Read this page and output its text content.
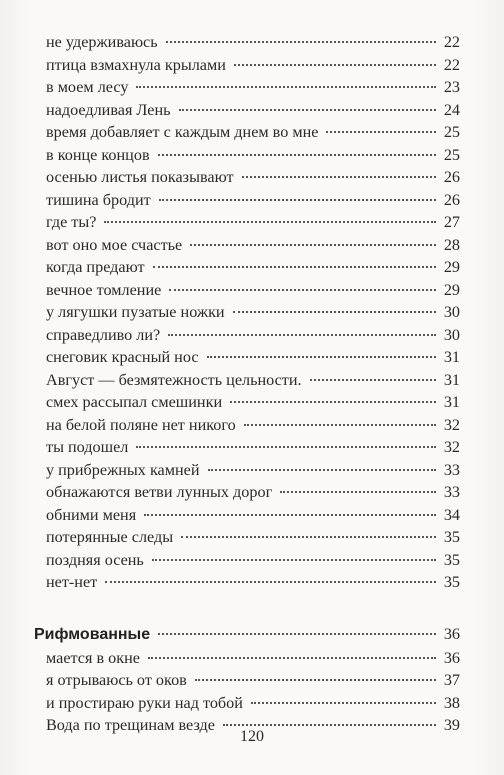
не удерживаюсь	22
птица взмахнула крылами	22
в моем лесу	23
надоедливая Лень	24
время добавляет с каждым днем во мне	25
в конце концов	25
осенью листья показывают	26
тишина бродит	26
где ты?	27
вот оно мое счастье	28
когда предают	29
вечное томление	29
у лягушки пузатые ножки	30
справедливо ли?	30
снеговик красный нос	31
Август — безмятежность цельности.	31
смех рассыпал смешинки	31
на белой поляне нет никого	32
ты подошел	32
у прибрежных камней	33
обнажаются ветви лунных дорог	33
обними меня	34
потерянные следы	35
поздняя осень	35
нет-нет	35
Рифмованные	36
мается в окне	36
я отрываюсь от оков	37
и простираю руки над тобой	38
Вода по трещинам везде	39
120
